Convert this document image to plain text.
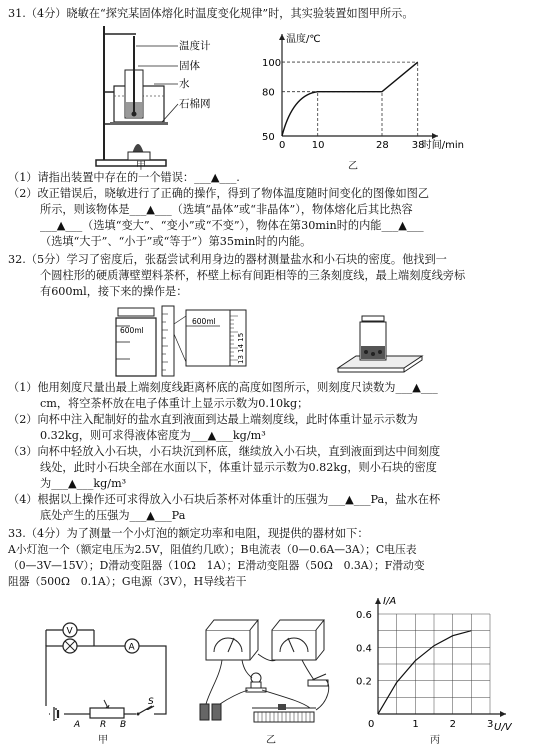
31.（4分）晓敏在“探究某固体熔化时温度变化规律”时，其实验装置如图甲所示。
温度计
固体
水
石棉网
甲
温度/℃
时间/min
100
80
50
0	10	28 38
（1）请指出装置中存在的一个错误：___▲___.
（2）改正错误后，晓敏进行了正确的操作，得到了物体温度随时间变化的图像如图乙
所示，则该物体是___▲___（选填“晶体”或“非晶体”），物体熔化后其比热容
___▲___（选填“变大”、“变小”或“不变”），物体在第30min时的内能___▲___
（选填“大于”、“小于”或“等于”）第35min时的内能。
32.（5分）学习了密度后，张磊尝试利用身边的器材测量盐水和小石块的密度。他找到一
个圆柱形的硬质薄壁塑料茶杯，杯壁上标有间距相等的三条刻度线，最上端刻度线旁标
有600ml，接下来的操作是：
600ml
600ml
13 14 15
（1）他用刻度尺量出最上端刻度线距离杯底的高度如图所示，则刻度尺读数为___▲___
cm，将空茶杯放在电子体重计上显示示数为0.10kg；
（2）向杯中注入配制好的盐水直到液面到达最上端刻度线，此时体重计显示示数为
0.32kg，则可求得液体密度为___▲___kg/m³
（3）向杯中轻放入小石块，小石块沉到杯底，继续放入小石块，直到液面到达中间刻度
线处，此时小石块全部在水面以下，体重计显示示数为0.82kg，则小石块的密度
为___▲___kg/m³
（4）根据以上操作还可求得放入小石块后茶杯对体重计的压强为___▲___Pa，盐水在杯
底处产生的压强为___▲___Pa
33.（4分）为了测量一个小灯泡的额定功率和电阻，现提供的器材如下：
A小灯泡一个（额定电压为2.5V，阻值约几欧）；B电流表（0—0.6A—3A）；C电压表
（0—3V—15V）；D滑动变阻器（10Ω　1A）；E滑动变阻器（50Ω　0.3A）；F滑动变
阻器（500Ω　0.1A）；G电源（3V），H导线若干
V
A
A R B
S
甲	乙
I/A
U/V
0.6
0.4
0.2
0	1	2	3
丙
乙
